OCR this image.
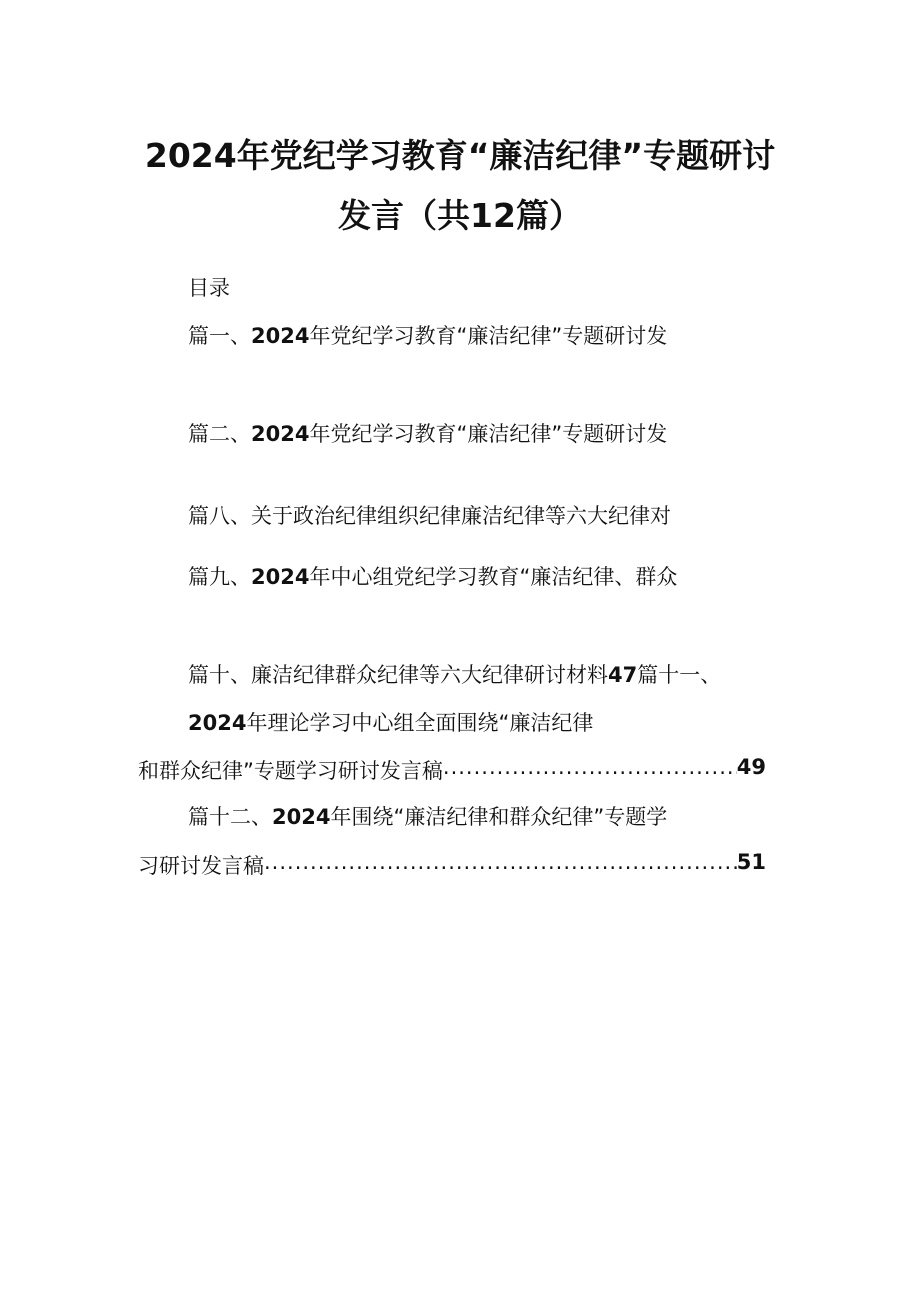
2024年党纪学习教育“廉洁纪律”专题研讨
发言（共12篇）
目录
篇一、2024年党纪学习教育“廉洁纪律”专题研讨发
篇二、2024年党纪学习教育“廉洁纪律”专题研讨发
篇八、关于政治纪律组织纪律廉洁纪律等六大纪律对
篇九、2024年中心组党纪学习教育“廉洁纪律、群众
篇十、廉洁纪律群众纪律等六大纪律研讨材料47篇十一、
2024年理论学习中心组全面围绕“廉洁纪律
和群众纪律”专题学习研讨发言稿 .....	49
篇十二、2024年围绕“廉洁纪律和群众纪律”专题学
习研讨发言稿 .....	51
